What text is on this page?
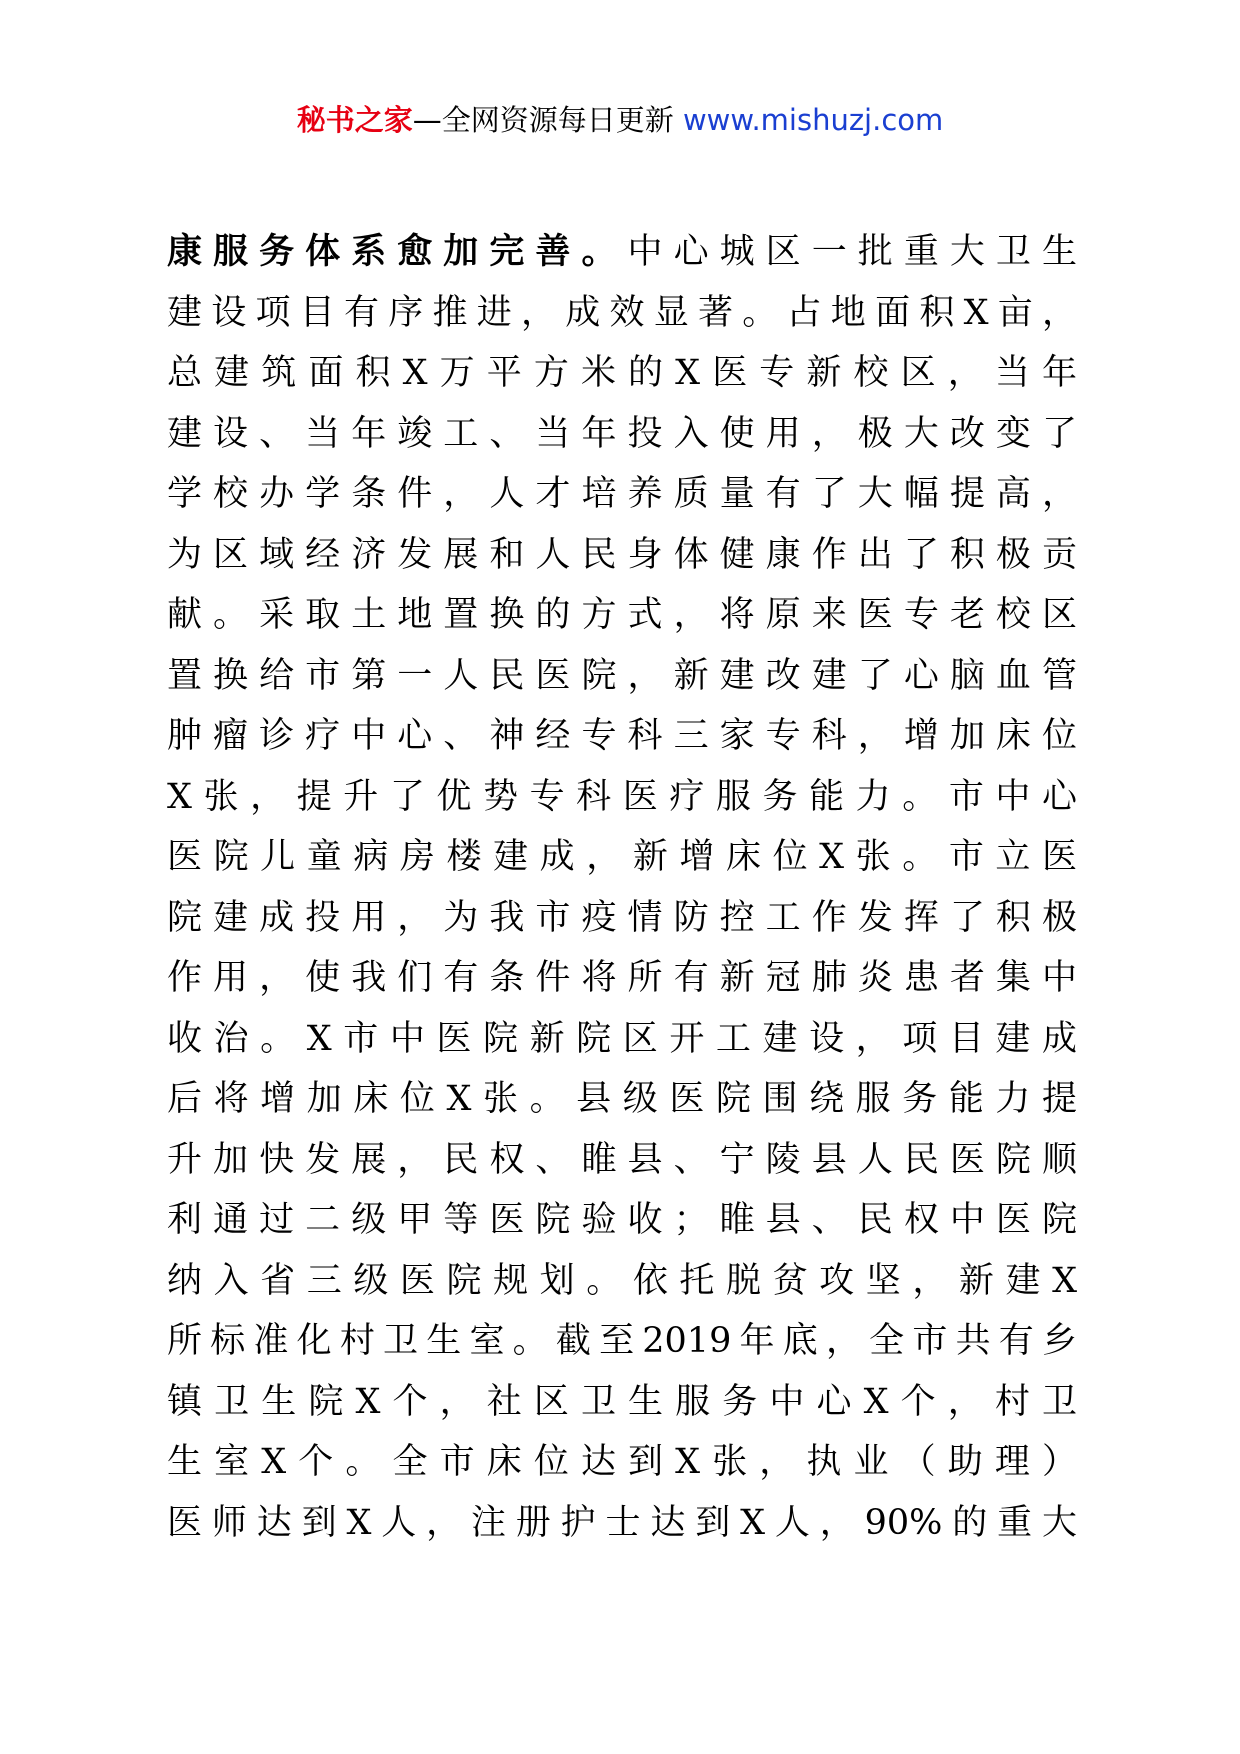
秘书之家—全网资源每日更新 www.mishuzj.com
康服务体系愈加完善。中心城区一批重大卫生
建设项目有序推进，成效显著。占地面积X亩，
总建筑面积X万平方米的X医专新校区，当年
建设、当年竣工、当年投入使用，极大改变了
学校办学条件，人才培养质量有了大幅提高，
为区域经济发展和人民身体健康作出了积极贡
献。采取土地置换的方式，将原来医专老校区
置换给市第一人民医院，新建改建了心脑血管
肿瘤诊疗中心、神经专科三家专科，增加床位
X张，提升了优势专科医疗服务能力。市中心
医院儿童病房楼建成，新增床位X张。市立医
院建成投用，为我市疫情防控工作发挥了积极
作用，使我们有条件将所有新冠肺炎患者集中
收治。X市中医院新院区开工建设，项目建成
后将增加床位X张。县级医院围绕服务能力提
升加快发展，民权、睢县、宁陵县人民医院顺
利通过二级甲等医院验收；睢县、民权中医院
纳入省三级医院规划。依托脱贫攻坚，新建X
所标准化村卫生室。截至2019年底，全市共有乡
镇卫生院X个，社区卫生服务中心X个，村卫
生室X个。全市床位达到X张，执业（助理）
医师达到X人，注册护士达到X人，90%的重大
